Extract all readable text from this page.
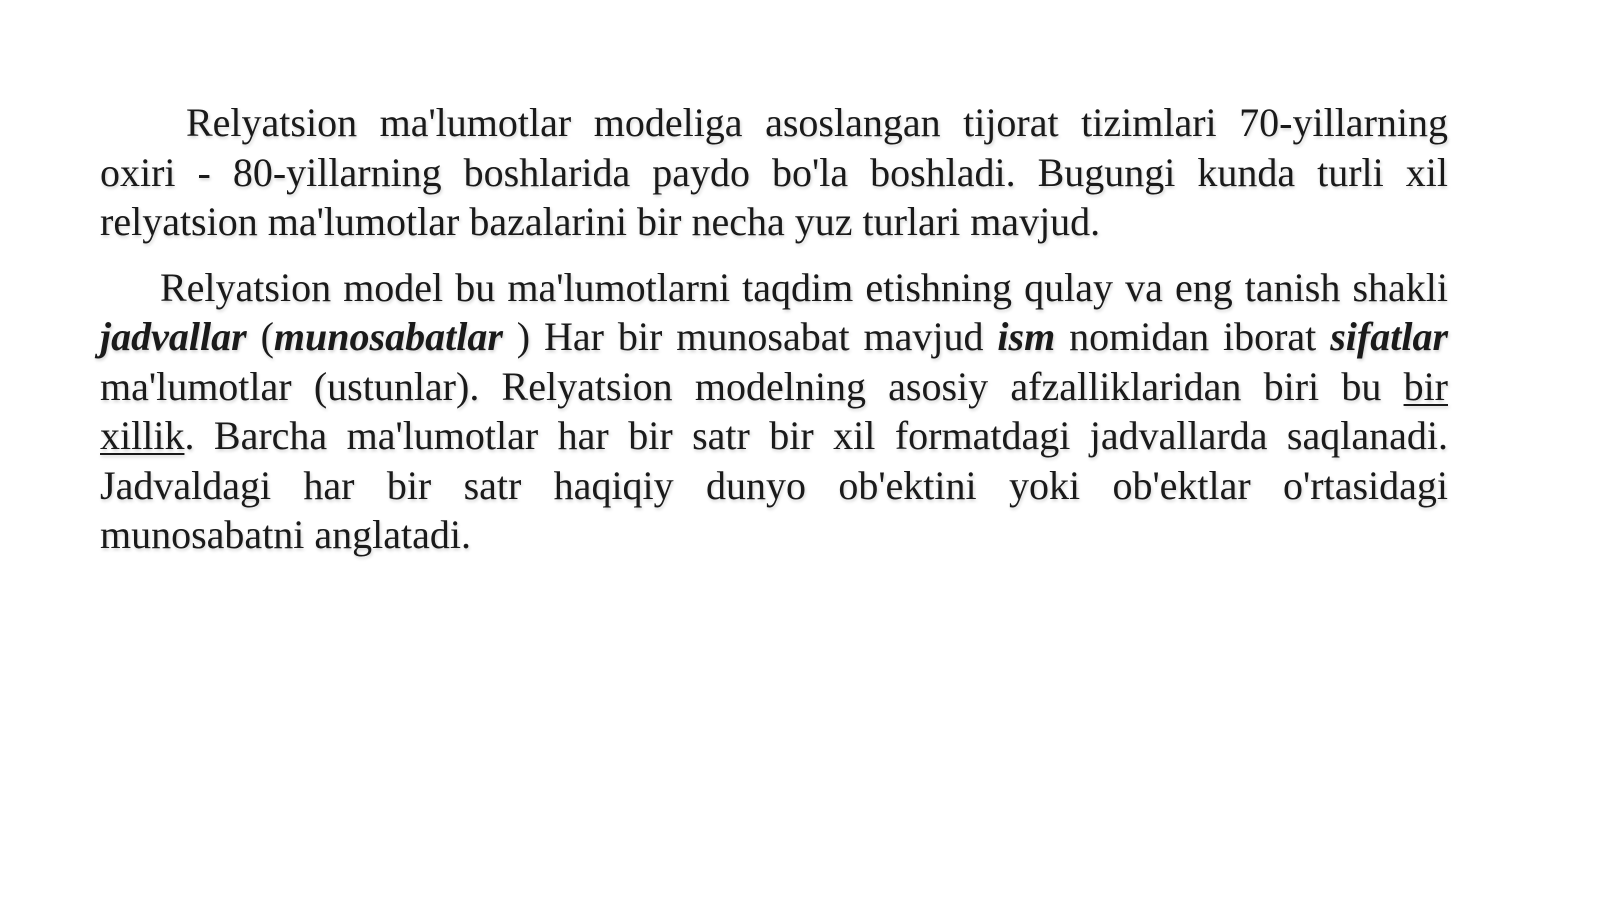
Relyatsion ma'lumotlar modeliga asoslangan tijorat tizimlari 70-yillarning oxiri - 80-yillarning boshlarida paydo bo'la boshladi. Bugungi kunda turli xil relyatsion ma'lumotlar bazalarini bir necha yuz turlari mavjud.

Relyatsion model bu ma'lumotlarni taqdim etishning qulay va eng tanish shakli jadvallar (munosabatlar ) Har bir munosabat mavjud ism nomidan iborat sifatlar ma'lumotlar (ustunlar). Relyatsion modelning asosiy afzalliklaridan biri bu bir xillik. Barcha ma'lumotlar har bir satr bir xil formatdagi jadvallarda saqlanadi. Jadvaldagi har bir satr haqiqiy dunyo ob'ektini yoki ob'ektlar o'rtasidagi munosabatni anglatadi.
